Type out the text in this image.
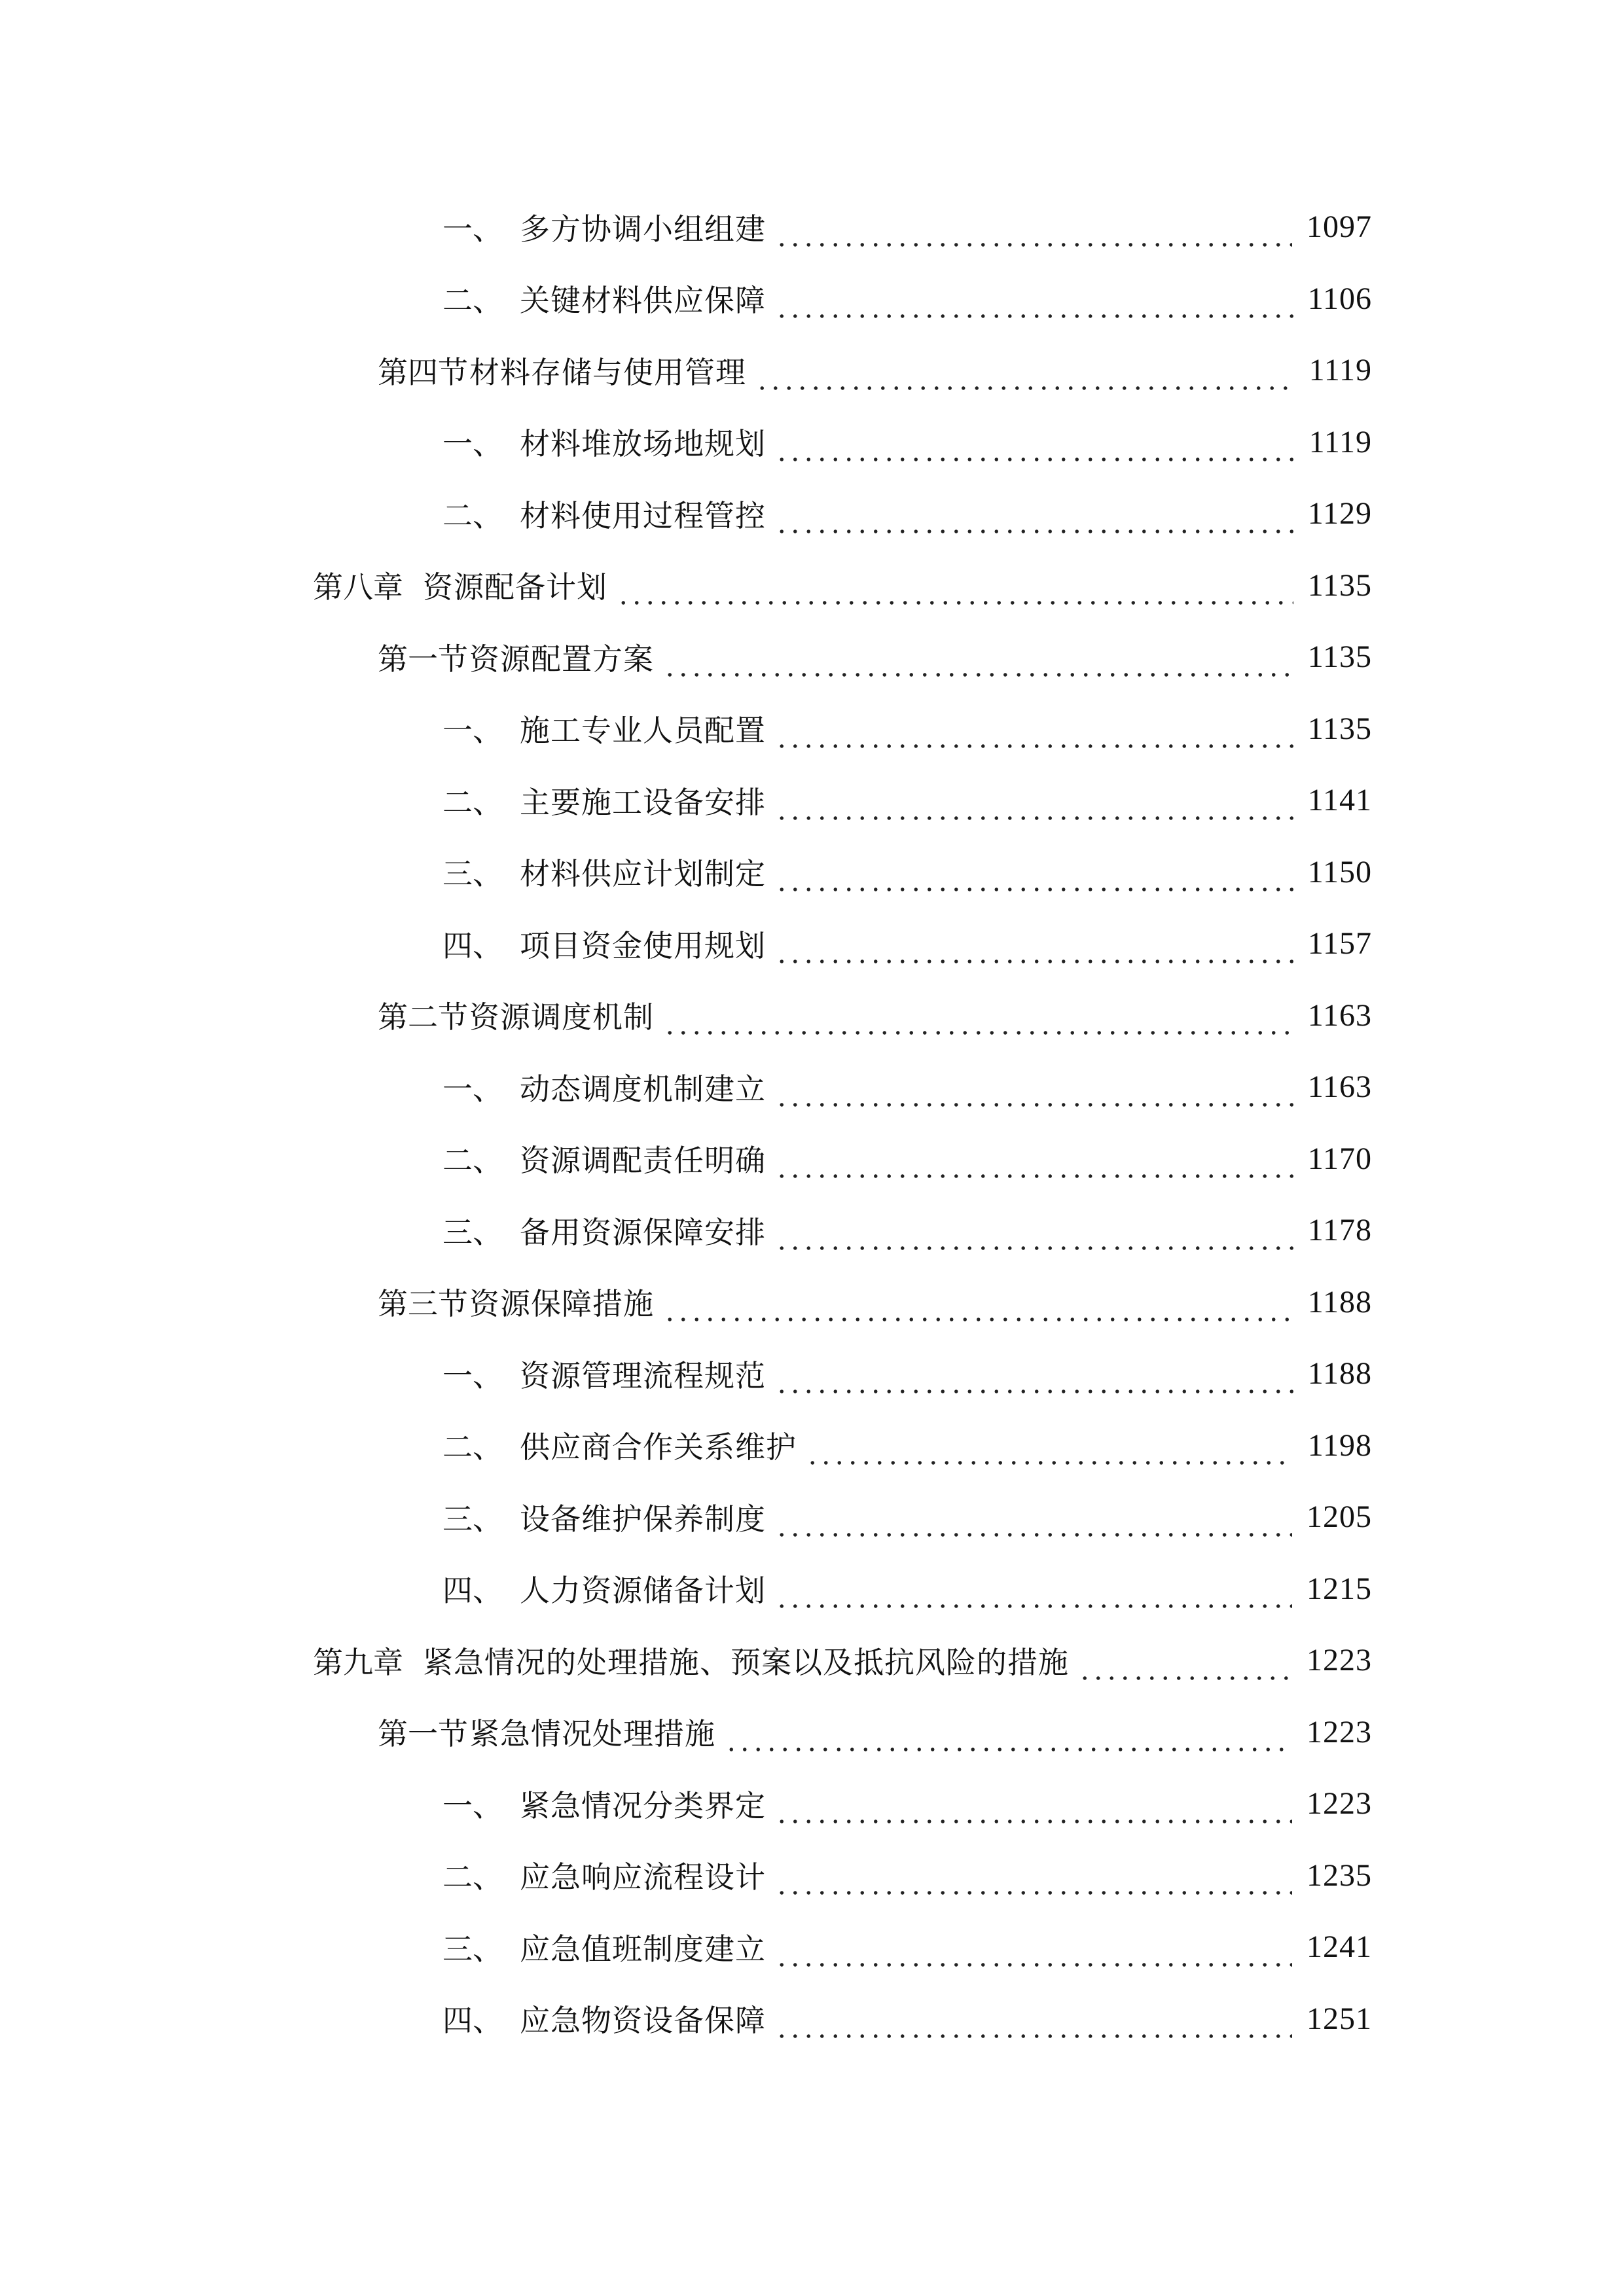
一、 多方协调小组组建	1097
二、 关键材料供应保障	1106
第四节 材料存储与使用管理	1119
一、 材料堆放场地规划	1119
二、 材料使用过程管控	1129
第八章 资源配备计划	1135
第一节 资源配置方案	1135
一、 施工专业人员配置	1135
二、 主要施工设备安排	1141
三、 材料供应计划制定	1150
四、 项目资金使用规划	1157
第二节 资源调度机制	1163
一、 动态调度机制建立	1163
二、 资源调配责任明确	1170
三、 备用资源保障安排	1178
第三节 资源保障措施	1188
一、 资源管理流程规范	1188
二、 供应商合作关系维护	1198
三、 设备维护保养制度	1205
四、 人力资源储备计划	1215
第九章 紧急情况的处理措施、预案以及抵抗风险的措施	1223
第一节 紧急情况处理措施	1223
一、 紧急情况分类界定	1223
二、 应急响应流程设计	1235
三、 应急值班制度建立	1241
四、 应急物资设备保障	1251
